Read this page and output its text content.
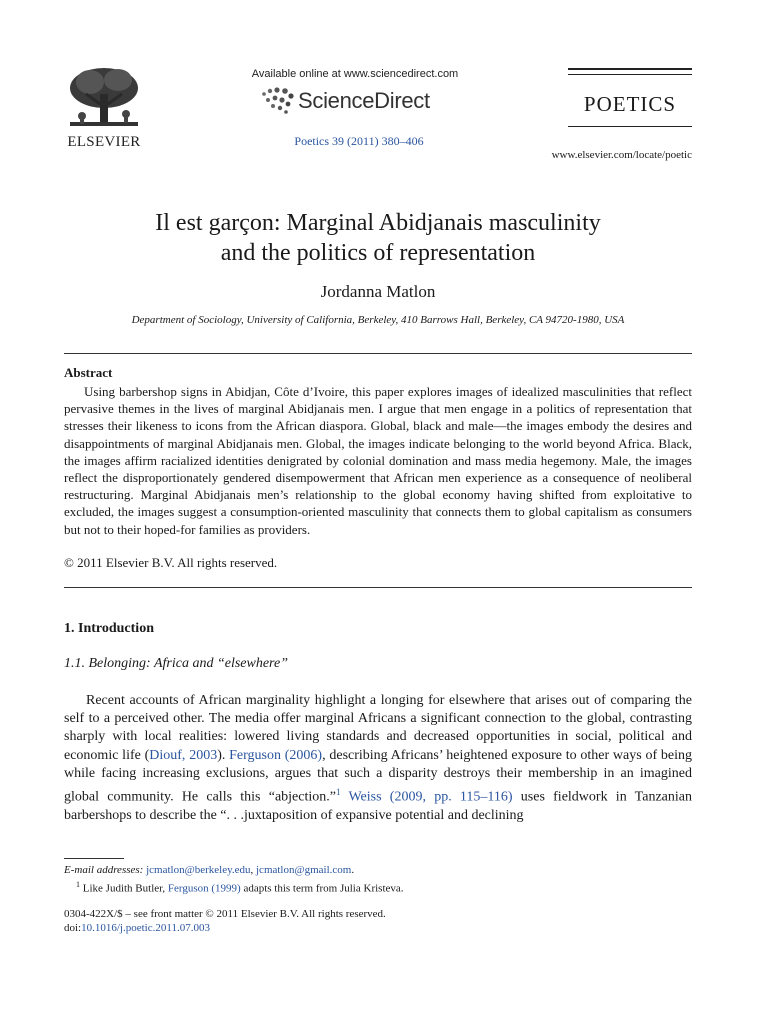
ELSEVIER
Available online at www.sciencedirect.com
ScienceDirect
Poetics 39 (2011) 380–406
POETICS
www.elsevier.com/locate/poetic
Il est garçon: Marginal Abidjanais masculinity
and the politics of representation
Jordanna Matlon
Department of Sociology, University of California, Berkeley, 410 Barrows Hall, Berkeley, CA 94720-1980, USA
Abstract
Using barbershop signs in Abidjan, Côte d’Ivoire, this paper explores images of idealized masculinities that reflect pervasive themes in the lives of marginal Abidjanais men. I argue that men engage in a politics of representation that stresses their likeness to icons from the African diaspora. Global, black and male—the images embody the desires and disappointments of marginal Abidjanais men. Global, the images indicate belonging to the world beyond Africa. Black, the images affirm racialized identities denigrated by colonial domination and mass media hegemony. Male, the images reflect the disproportionately gendered disempowerment that African men experience as a consequence of neoliberal restructuring. Marginal Abidjanais men’s relationship to the global economy having shifted from exploitative to excluded, the images suggest a consumption-oriented masculinity that connects them to global capitalism as consumers but not to their hoped-for families as providers.
© 2011 Elsevier B.V. All rights reserved.
1. Introduction
1.1. Belonging: Africa and “elsewhere”
Recent accounts of African marginality highlight a longing for elsewhere that arises out of comparing the self to a perceived other. The media offer marginal Africans a significant connection to the global, contrasting sharply with local realities: lowered living standards and decreased opportunities in social, political and economic life (Diouf, 2003). Ferguson (2006), describing Africans’ heightened exposure to other ways of being while facing increasing exclusions, argues that such a disparity destroys their membership in an imagined global community. He calls this “abjection.”$^1$ Weiss (2009, pp. 115–116) uses fieldwork in Tanzanian barbershops to describe the “. . .juxtaposition of expansive potential and declining
E-mail addresses: jcmatlon@berkeley.edu, jcmatlon@gmail.com.
$^1$ Like Judith Butler, Ferguson (1999) adapts this term from Julia Kristeva.
0304-422X/$ – see front matter © 2011 Elsevier B.V. All rights reserved.
doi:10.1016/j.poetic.2011.07.003
